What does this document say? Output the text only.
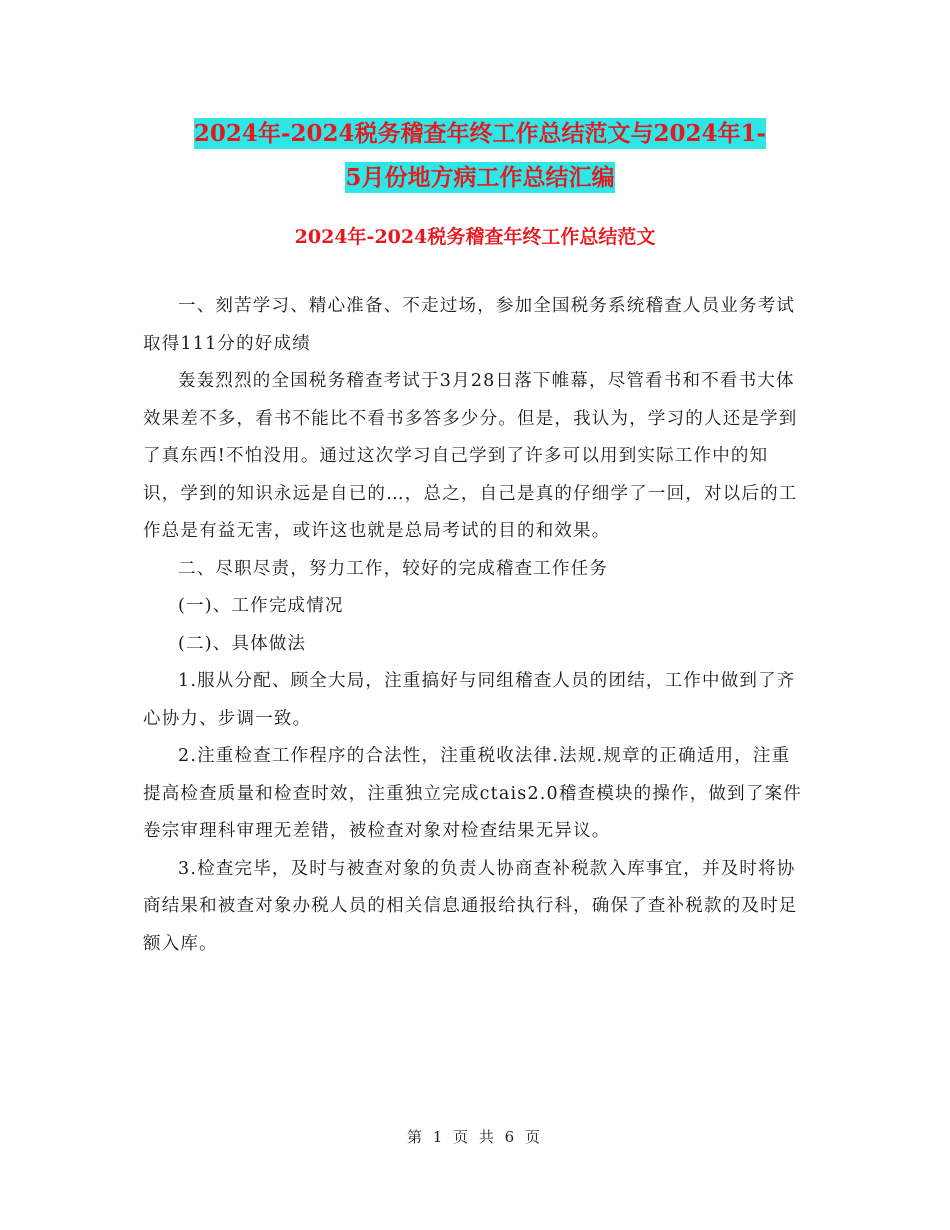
2024年-2024税务稽查年终工作总结范文与2024年1-
5月份地方病工作总结汇编
2024年-2024税务稽查年终工作总结范文

一、刻苦学习、精心准备、不走过场，参加全国税务系统稽查人员业务考试取得111分的好成绩

轰轰烈烈的全国税务稽查考试于3月28日落下帷幕，尽管看书和不看书大体效果差不多，看书不能比不看书多答多少分。但是，我认为，学习的人还是学到了真东西!不怕没用。通过这次学习自己学到了许多可以用到实际工作中的知识，学到的知识永远是自已的…，总之，自己是真的仔细学了一回，对以后的工作总是有益无害，或许这也就是总局考试的目的和效果。

二、尽职尽责，努力工作，较好的完成稽查工作任务

(一)、工作完成情况

(二)、具体做法

1.服从分配、顾全大局，注重搞好与同组稽查人员的团结，工作中做到了齐心协力、步调一致。

2.注重检查工作程序的合法性，注重税收法律.法规.规章的正确适用，注重提高检查质量和检查时效，注重独立完成ctais2.0稽查模块的操作，做到了案件卷宗审理科审理无差错，被检查对象对检查结果无异议。

3.检查完毕，及时与被查对象的负责人协商查补税款入库事宜，并及时将协商结果和被查对象办税人员的相关信息通报给执行科，确保了查补税款的及时足额入库。

第 1 页 共 6 页
